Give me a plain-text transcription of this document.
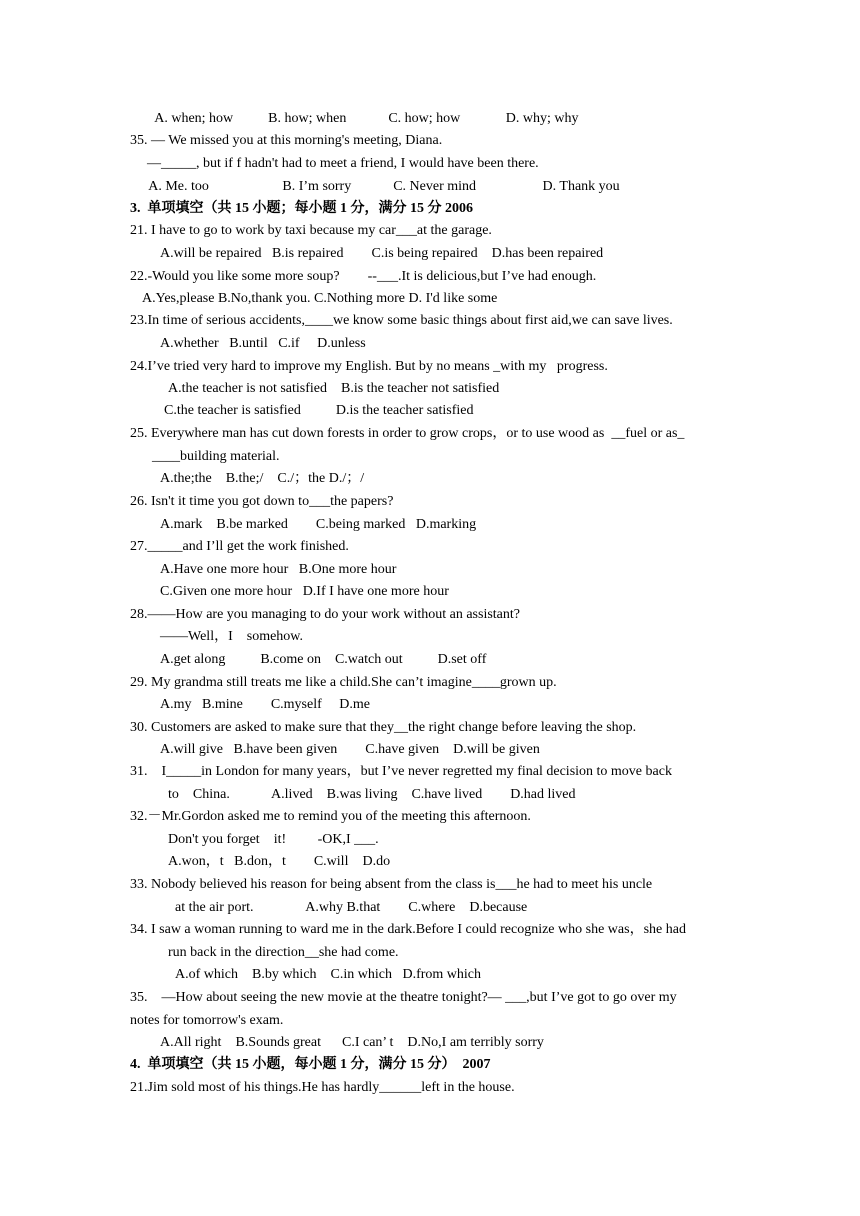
A. when; how          B. how; when            C. how; how             D. why; why
35. — We missed you at this morning's meeting, Diana.
—_____, but if f hadn't had to meet a friend, I would have been there.
A. Me. too                     B. I’m sorry            C. Never mind                   D. Thank you
3.  单项填空（共 15 小题；每小题 1 分，满分 15 分 2006
21. I have to go to work by taxi because my car___at the garage.
A.will be repaired   B.is repaired        C.is being repaired    D.has been repaired
22.-Would you like some more soup?        --___.It is delicious,but I’ve had enough.
A.Yes,please B.No,thank you. C.Nothing more D. I'd like some
23.In time of serious accidents,____we know some basic things about first aid,we can save lives.
A.whether   B.until   C.if     D.unless
24.I’ve tried very hard to improve my English. But by no means _with my   progress.
A.the teacher is not satisfied    B.is the teacher not satisfied
C.the teacher is satisfied          D.is the teacher satisfied
25. Everywhere man has cut down forests in order to grow crops，or to use wood as  __fuel or as_
____building material.
A.the;the    B.the;/    C./；the D./；/
26. Isn't it time you got down to___the papers?
A.mark    B.be marked        C.being marked   D.marking
27._____and I’ll get the work finished.
A.Have one more hour   B.One more hour
C.Given one more hour   D.If I have one more hour
28.——How are you managing to do your work without an assistant?
——Well，I    somehow.
A.get along          B.come on    C.watch out          D.set off
29. My grandma still treats me like a child.She can’t imagine____grown up.
A.my   B.mine        C.myself     D.me
30. Customers are asked to make sure that they__the right change before leaving the shop.
A.will give   B.have been given        C.have given    D.will be given
31.    I_____in London for many years，but I’ve never regretted my final decision to move back
to    China.            A.lived    B.was living    C.have lived        D.had lived
32.－Mr.Gordon asked me to remind you of the meeting this afternoon.
Don't you forget    it!         -OK,I ___.
A.won，t   B.don，t        C.will    D.do
33. Nobody believed his reason for being absent from the class is___he had to meet his uncle
at the air port.               A.why B.that        C.where    D.because
34. I saw a woman running to ward me in the dark.Before I could recognize who she was，she had
run back in the direction__she had come.
A.of which    B.by which    C.in which   D.from which
35.    —How about seeing the new movie at the theatre tonight?— ___,but I’ve got to go over my
notes for tomorrow's exam.
A.All right    B.Sounds great      C.I can’ t    D.No,I am terribly sorry
4.  单项填空（共 15 小题，每小题 1 分，满分 15 分）  2007
21.Jim sold most of his things.He has hardly______left in the house.
